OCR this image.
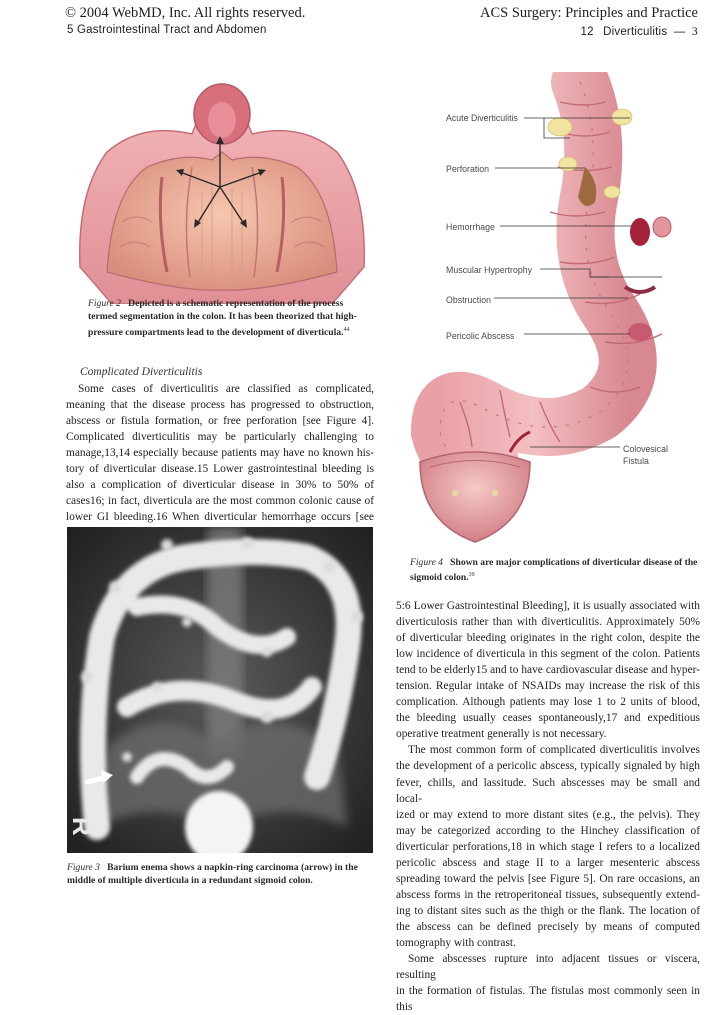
© 2004 WebMD, Inc. All rights reserved.	ACS Surgery: Principles and Practice
5 Gastrointestinal Tract and Abdomen	12 Diverticulitis — 3
Figure 2 Depicted is a schematic representation of the process termed segmentation in the colon. It has been theorized that high-pressure compartments lead to the development of diverticula.$^{44}$
Complicated Diverticulitis
Some cases of diverticulitis are classified as complicated,
meaning that the disease process has progressed to obstruction,
abscess or fistula formation, or free perforation [see Figure 4].
Complicated diverticulitis may be particularly challenging to
manage,13,14 especially because patients may have no known his-
tory of diverticular disease.15 Lower gastrointestinal bleeding is
also a complication of diverticular disease in 30% to 50% of
cases16; in fact, diverticula are the most common colonic cause of
lower GI bleeding.16 When diverticular hemorrhage occurs [see
R
Figure 3 Barium enema shows a napkin-ring carcinoma (arrow) in the middle of multiple diverticula in a redundant sigmoid colon.
Acute Diverticulitis
Perforation
Hemorrhage
Muscular Hypertrophy
Obstruction
Pericolic Abscess
Colovesical
Fistula
Figure 4 Shown are major complications of diverticular disease of the sigmoid colon.$^{39}$
5:6 Lower Gastrointestinal Bleeding], it is usually associated with
diverticulosis rather than with diverticulitis. Approximately 50%
of diverticular bleeding originates in the right colon, despite the
low incidence of diverticula in this segment of the colon. Patients
tend to be elderly15 and to have cardiovascular disease and hyper-
tension. Regular intake of NSAIDs may increase the risk of this
complication. Although patients may lose 1 to 2 units of blood,
the bleeding usually ceases spontaneously,17 and expeditious
operative treatment generally is not necessary.
The most common form of complicated diverticulitis involves
the development of a pericolic abscess, typically signaled by high
fever, chills, and lassitude. Such abscesses may be small and local-
ized or may extend to more distant sites (e.g., the pelvis). They
may be categorized according to the Hinchey classification of
diverticular perforations,18 in which stage I refers to a localized
pericolic abscess and stage II to a larger mesenteric abscess
spreading toward the pelvis [see Figure 5]. On rare occasions, an
abscess forms in the retroperitoneal tissues, subsequently extend-
ing to distant sites such as the thigh or the flank. The location of
the abscess can be defined precisely by means of computed
tomography with contrast.
Some abscesses rupture into adjacent tissues or viscera, resulting
in the formation of fistulas. The fistulas most commonly seen in this
